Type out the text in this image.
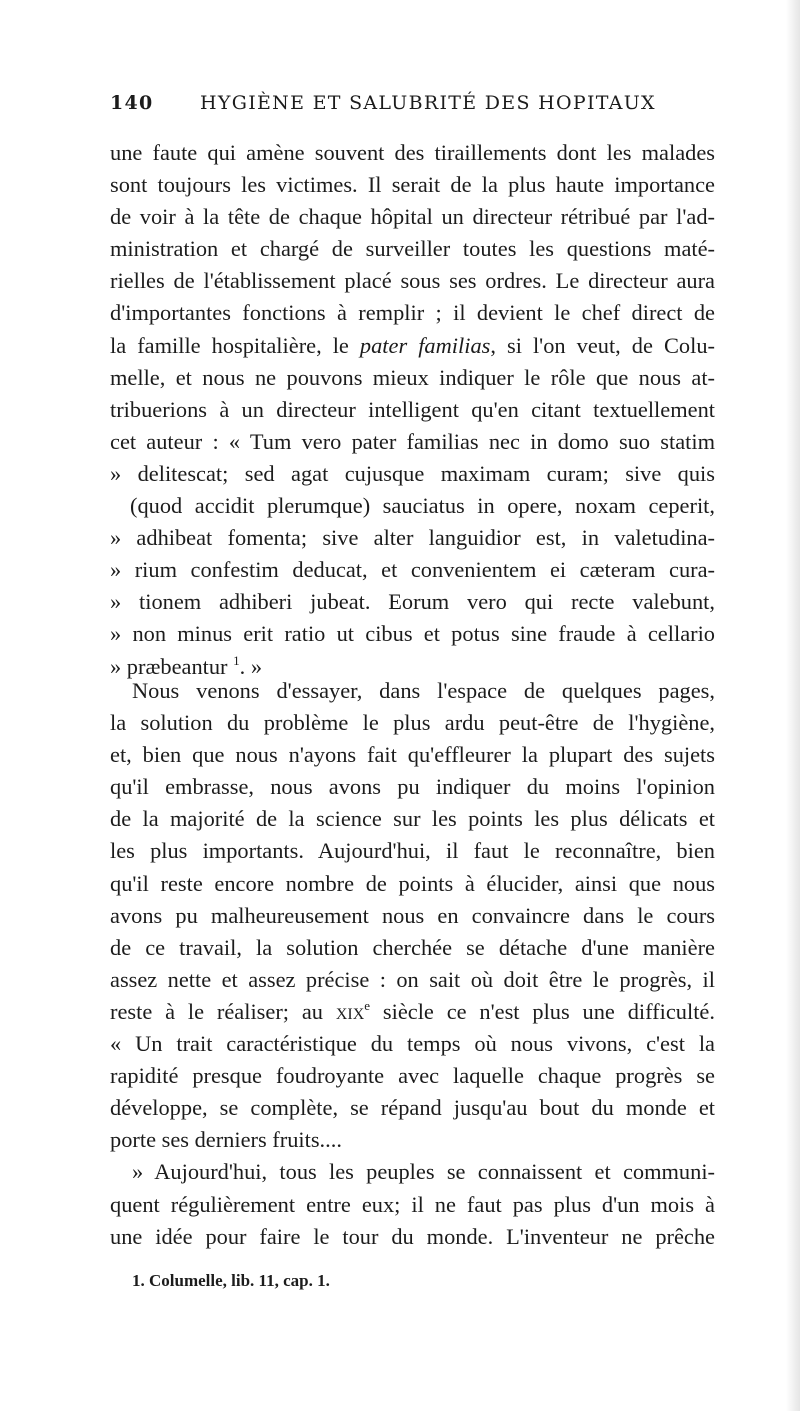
140 HYGIÈNE ET SALUBRITÉ DES HOPITAUX
une faute qui amène souvent des tiraillements dont les malades
sont toujours les victimes. Il serait de la plus haute importance
de voir à la tête de chaque hôpital un directeur rétribué par l'ad-
ministration et chargé de surveiller toutes les questions maté-
rielles de l'établissement placé sous ses ordres. Le directeur aura
d'importantes fonctions à remplir ; il devient le chef direct de
la famille hospitalière, le pater familias, si l'on veut, de Colu-
melle, et nous ne pouvons mieux indiquer le rôle que nous at-
tribuerions à un directeur intelligent qu'en citant textuellement
cet auteur : « Tum vero pater familias nec in domo suo statim
» delitescat; sed agat cujusque maximam curam; sive quis
(quod accidit plerumque) sauciatus in opere, noxam ceperit,
» adhibeat fomenta; sive alter languidior est, in valetudina-
» rium confestim deducat, et convenientem ei cæteram cura-
» tionem adhiberi jubeat. Eorum vero qui recte valebunt,
» non minus erit ratio ut cibus et potus sine fraude à cellario
» præbeantur $^1$. »
Nous venons d'essayer, dans l'espace de quelques pages,
la solution du problème le plus ardu peut-être de l'hygiène,
et, bien que nous n'ayons fait qu'effleurer la plupart des sujets
qu'il embrasse, nous avons pu indiquer du moins l'opinion
de la majorité de la science sur les points les plus délicats et
les plus importants. Aujourd'hui, il faut le reconnaître, bien
qu'il reste encore nombre de points à élucider, ainsi que nous
avons pu malheureusement nous en convaincre dans le cours
de ce travail, la solution cherchée se détache d'une manière
assez nette et assez précise : on sait où doit être le progrès, il
reste à le réaliser; au xix$^e$ siècle ce n'est plus une difficulté.
« Un trait caractéristique du temps où nous vivons, c'est la
rapidité presque foudroyante avec laquelle chaque progrès se
développe, se complète, se répand jusqu'au bout du monde et
porte ses derniers fruits....
» Aujourd'hui, tous les peuples se connaissent et communi-
quent régulièrement entre eux; il ne faut pas plus d'un mois à
une idée pour faire le tour du monde. L'inventeur ne prêche
1. Columelle, lib. 11, cap. 1.
